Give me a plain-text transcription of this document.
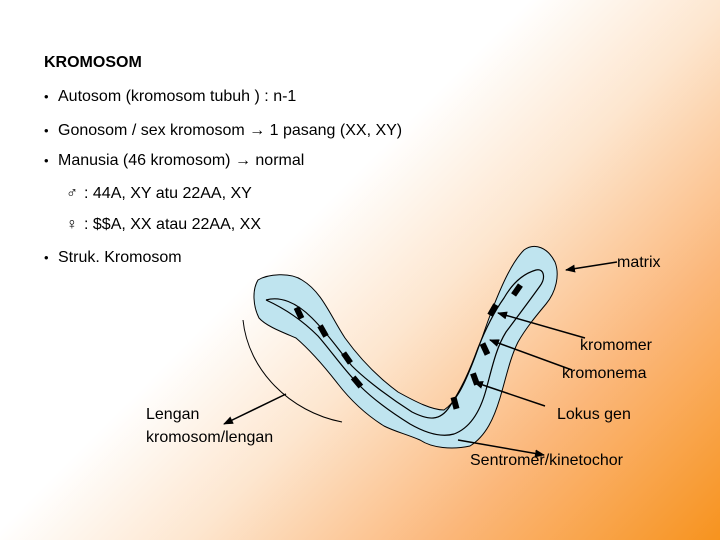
KROMOSOM
• Autosom (kromosom tubuh ) : n-1
• Gonosom / sex kromosom → 1 pasang (XX, XY)
• Manusia (46 kromosom) → normal
♂ : 44A, XY atu 22AA, XY
♀ : $$A, XX atau 22AA, XX
• Struk. Kromosom	matrix
kromomer
kromonema
Lengan
kromosom/lengan
Lokus gen
Sentromer/kinetochor
